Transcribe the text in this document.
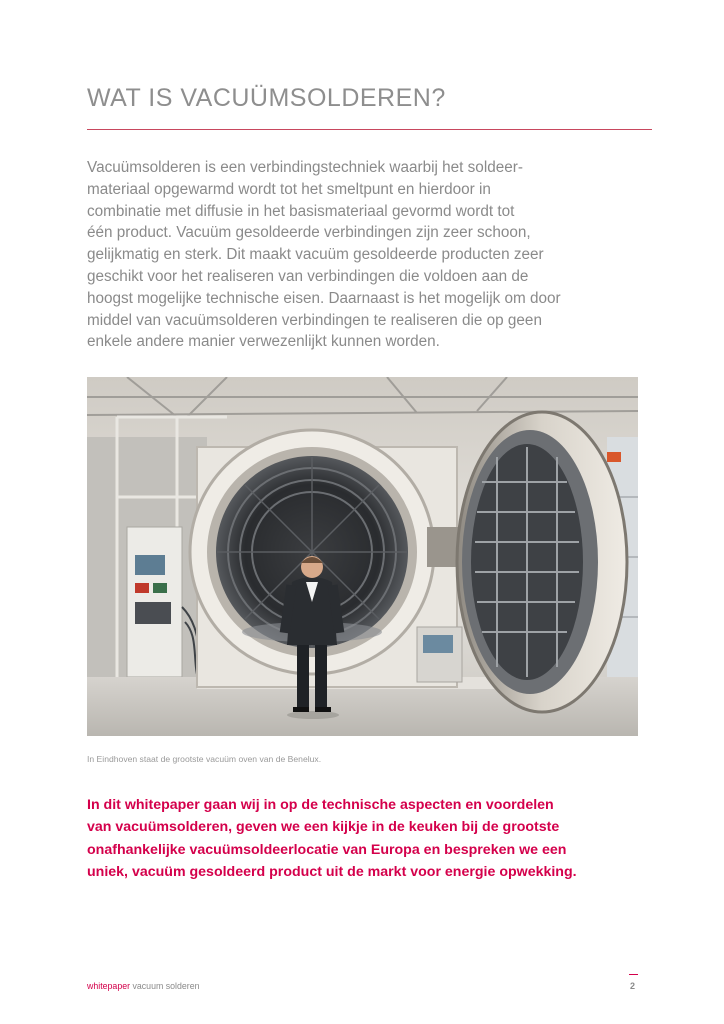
WAT IS VACUÜMSOLDEREN?

Vacuümsolderen is een verbindingstechniek waarbij het soldeer-
materiaal opgewarmd wordt tot het smeltpunt en hierdoor in
combinatie met diffusie in het basismateriaal gevormd wordt tot
één product. Vacuüm gesoldeerde verbindingen zijn zeer schoon,
gelijkmatig en sterk. Dit maakt vacuüm gesoldeerde producten zeer
geschikt voor het realiseren van verbindingen die voldoen aan de
hoogst mogelijke technische eisen. Daarnaast is het mogelijk om door
middel van vacuümsolderen verbindingen te realiseren die op geen
enkele andere manier verwezenlijkt kunnen worden.

In Eindhoven staat de grootste vacuüm oven van de Benelux.

In dit whitepaper gaan wij in op de technische aspecten en voordelen
van vacuümsolderen, geven we een kijkje in de keuken bij de grootste
onafhankelijke vacuümsoldeerlocatie van Europa en bespreken we een
uniek, vacuüm gesoldeerd product uit de markt voor energie opwekking.

whitepaper vacuum solderen	2
